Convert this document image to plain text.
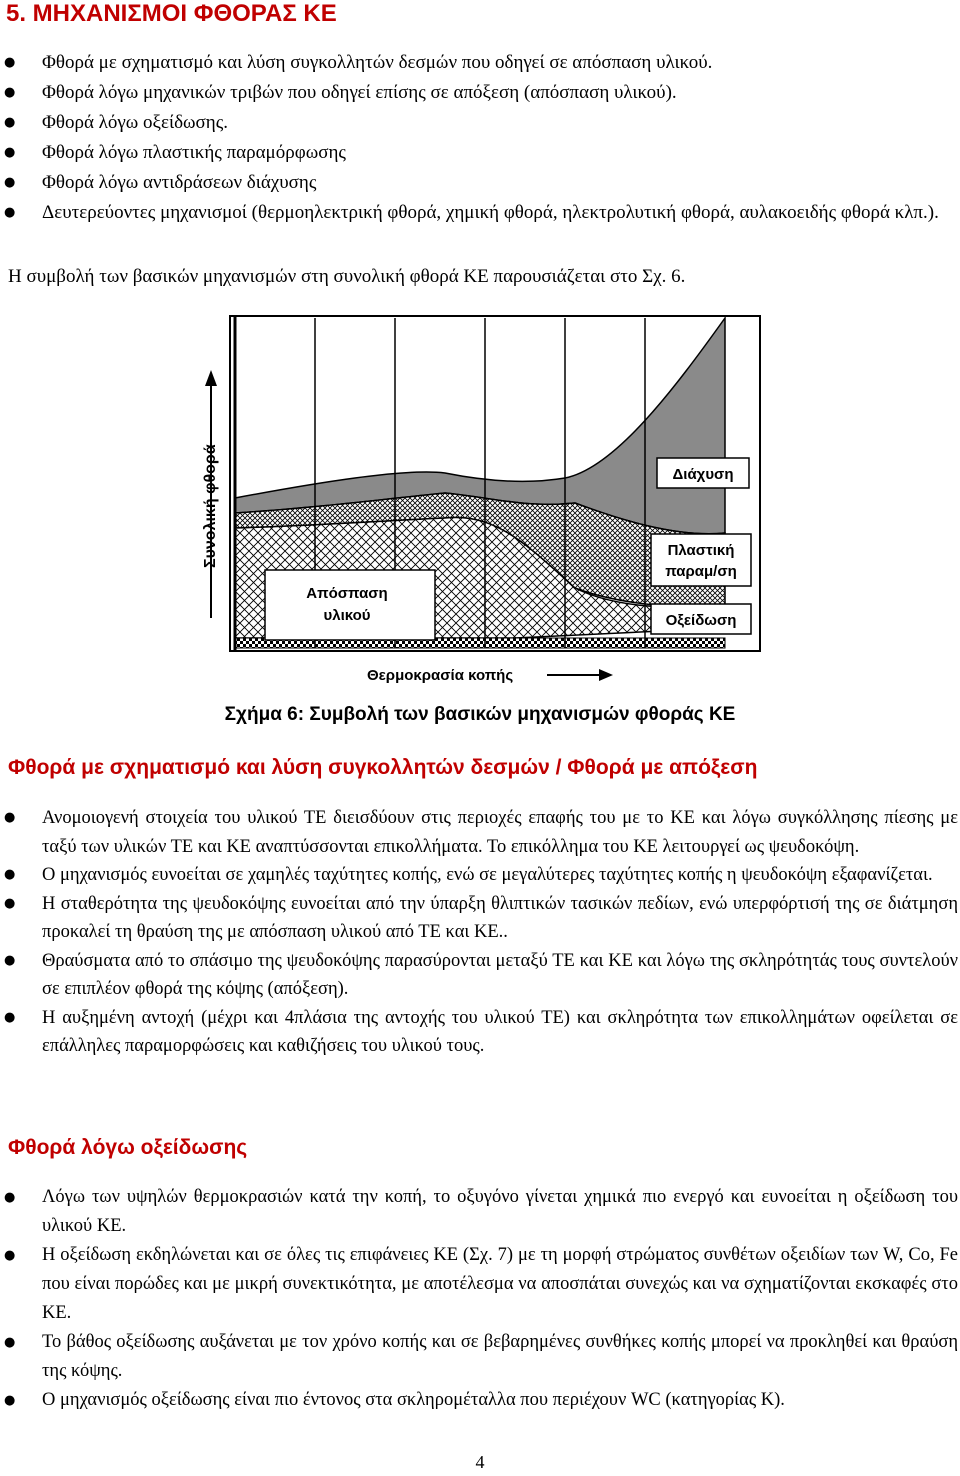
5. ΜΗΧΑΝΙΣΜΟΙ ΦΘΟΡΑΣ ΚΕ
● Φθορά με σχηματισμό και λύση συγκολλητών δεσμών που οδηγεί σε απόσπαση υλικού.
● Φθορά λόγω μηχανικών τριβών που οδηγεί επίσης σε απόξεση (απόσπαση υλικού).
● Φθορά λόγω οξείδωσης.
● Φθορά λόγω πλαστικής παραμόρφωσης
● Φθορά λόγω αντιδράσεων διάχυσης
● Δευτερεύοντες μηχανισμοί (θερμοηλεκτρική φθορά, χημική φθορά, ηλεκτρολυτική φθορά, αυλακοειδής φθορά κλπ.).
Η συμβολή των βασικών μηχανισμών στη συνολική φθορά ΚΕ παρουσιάζεται στο Σχ. 6.
Συνολική φθορά
Απόσπαση
υλικού
Διάχυση
Πλαστική
παραμ/ση
Οξείδωση
Θερμοκρασία κοπής
Σχήμα 6: Συμβολή των βασικών μηχανισμών φθοράς ΚΕ
Φθορά με σχηματισμό και λύση συγκολλητών δεσμών / Φθορά με απόξεση
● Ανομοιογενή στοιχεία του υλικού ΤΕ διεισδύουν στις περιοχές επαφής του με το ΚΕ και λόγω συγκόλλησης πίεσης με ταξύ των υλικών ΤΕ και ΚΕ αναπτύσσονται επικολλήματα. Το επικόλλημα του ΚΕ λειτουργεί ως ψευδοκόψη.
● Ο μηχανισμός ευνοείται σε χαμηλές ταχύτητες κοπής, ενώ σε μεγαλύτερες ταχύτητες κοπής η ψευδοκόψη εξαφανίζεται.
● Η σταθερότητα της ψευδοκόψης ευνοείται από την ύπαρξη θλιπτικών τασικών πεδίων, ενώ υπερφόρτισή της σε διάτμηση προκαλεί τη θραύση της με απόσπαση υλικού από ΤΕ και ΚΕ..
● Θραύσματα από το σπάσιμο της ψευδοκόψης παρασύρονται μεταξύ ΤΕ και ΚΕ και λόγω της σκληρότητάς τους συντελούν σε επιπλέον φθορά της κόψης (απόξεση).
● Η αυξημένη αντοχή (μέχρι και 4πλάσια της αντοχής του υλικού ΤΕ) και σκληρότητα των επικολλημάτων οφείλεται σε επάλληλες παραμορφώσεις και καθιζήσεις του υλικού τους.
Φθορά λόγω οξείδωσης
● Λόγω των υψηλών θερμοκρασιών κατά την κοπή, το οξυγόνο γίνεται χημικά πιο ενεργό και ευνοείται η οξείδωση του υλικού ΚΕ.
● Η οξείδωση εκδηλώνεται και σε όλες τις επιφάνειες ΚΕ (Σχ. 7) με τη μορφή στρώματος συνθέτων οξειδίων των W, Co, Fe που είναι πορώδες και με μικρή συνεκτικότητα, με αποτέλεσμα να αποσπάται συνεχώς και να σχηματίζονται εκσκαφές στο ΚΕ.
● Το βάθος οξείδωσης αυξάνεται με τον χρόνο κοπής και σε βεβαρημένες συνθήκες κοπής μπορεί να προκληθεί και θραύση της κόψης.
● Ο μηχανισμός οξείδωσης είναι πιο έντονος στα σκληρομέταλλα που περιέχουν WC (κατηγορίας Κ).
4
